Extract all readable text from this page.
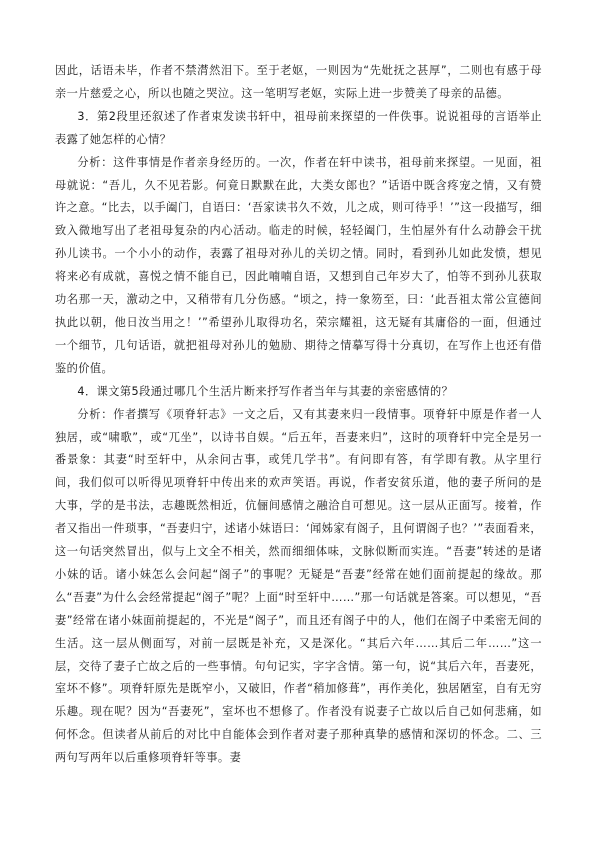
因此，话语未毕，作者不禁潸然泪下。至于老妪，一则因为“先妣抚之甚厚”，二则也有感于母亲一片慈爱之心，所以也随之哭泣。这一笔明写老妪，实际上进一步赞美了母亲的品德。

3．第2段里还叙述了作者束发读书轩中，祖母前来探望的一件佚事。说说祖母的言语举止表露了她怎样的心情？

分析：这件事情是作者亲身经历的。一次，作者在轩中读书，祖母前来探望。一见面，祖母就说：“吾儿，久不见若影。何竟日默默在此，大类女郎也？”话语中既含疼宠之情，又有赞许之意。“比去，以手阖门，自语曰：‘吾家读书久不效，儿之成，则可待乎！’”这一段描写，细致入微地写出了老祖母复杂的内心活动。临走的时候，轻轻阖门，生怕屋外有什么动静会干扰孙儿读书。一个小小的动作，表露了祖母对孙儿的关切之情。同时，看到孙儿如此发愤，想见将来必有成就，喜悦之情不能自已，因此喃喃自语，又想到自己年岁大了，怕等不到孙儿获取功名那一天，激动之中，又稍带有几分伤感。“顷之，持一象笏至，曰：‘此吾祖太常公宣德间执此以朝，他日汝当用之！’”希望孙儿取得功名，荣宗耀祖，这无疑有其庸俗的一面，但通过一个细节，几句话语，就把祖母对孙儿的勉励、期待之情摹写得十分真切，在写作上也还有借鉴的价值。

4．课文第5段通过哪几个生活片断来抒写作者当年与其妻的亲密感情的？

分析：作者撰写《项脊轩志》一文之后，又有其妻来归一段情事。项脊轩中原是作者一人独居，或“啸歌”，或“兀坐”，以诗书自娱。“后五年，吾妻来归”，这时的项脊轩中完全是另一番景象：其妻“时至轩中，从余问古事，或凭几学书”。有问即有答，有学即有教。从字里行间，我们似可以听得见项脊轩中传出来的欢声笑语。再说，作者安贫乐道，他的妻子所问的是大事，学的是书法，志趣既然相近，伉俪间感情之融洽自可想见。这一层从正面写。接着，作者又指出一件琐事，“吾妻归宁，述诸小妹语曰：‘闻姊家有阁子，且何谓阁子也？’”表面看来，这一句话突然冒出，似与上文全不相关，然而细细体味，文脉似断而实连。“吾妻”转述的是诸小妹的话。诸小妹怎么会问起“阁子”的事呢？无疑是“吾妻”经常在她们面前提起的缘故。那么“吾妻”为什么会经常提起“阁子”呢？上面“时至轩中……”那一句话就是答案。可以想见，“吾妻”经常在诸小妹面前提起的，不光是“阁子”，而且还有阁子中的人，他们在阁子中柔密无间的生活。这一层从侧面写，对前一层既是补充，又是深化。“其后六年……其后二年……”这一层，交待了妻子亡故之后的一些事情。句句记实，字字含情。第一句，说“其后六年，吾妻死，室坏不修”。项脊轩原先是既窄小，又破旧，作者“稍加修葺”，再作美化，独居陋室，自有无穷乐趣。现在呢？因为“吾妻死”，室坏也不想修了。作者没有说妻子亡故以后自己如何悲痛，如何怀念。但读者从前后的对比中自能体会到作者对妻子那种真挚的感情和深切的怀念。二、三两句写两年以后重修项脊轩等事。妻
